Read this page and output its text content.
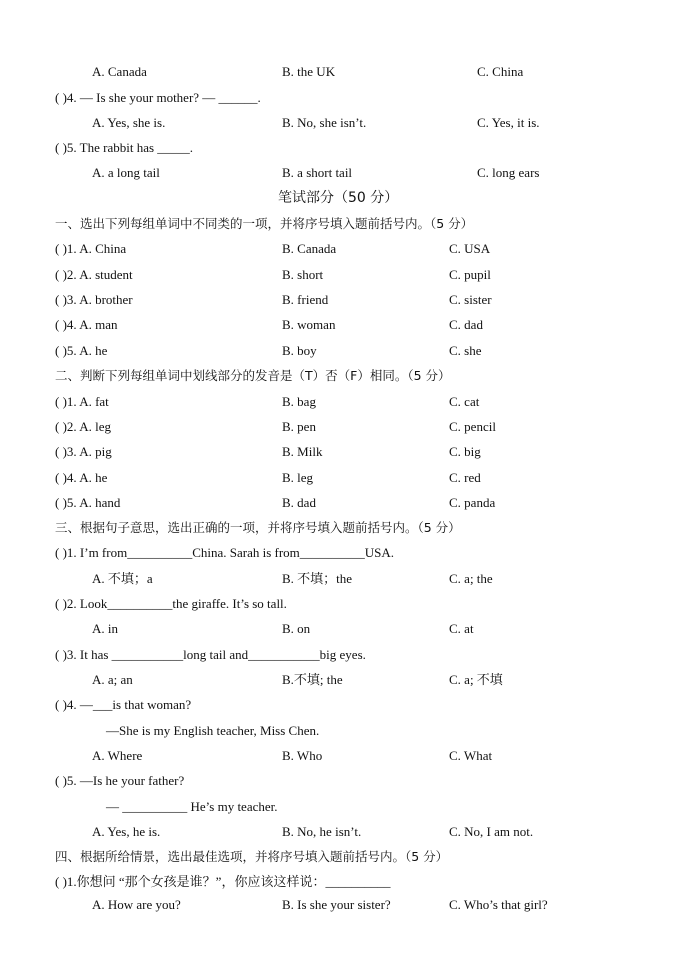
A. Canada	B. the UK	C. China
( )4. — Is she your mother? — ______.
A. Yes, she is.	B. No, she isn’t.	C. Yes, it is.
( )5. The rabbit has _____.
A. a long tail	B. a short tail	C. long ears
笔试部分（50 分）
一、选出下列每组单词中不同类的一项，并将序号填入题前括号内。（5 分）
( )1. A. China	B. Canada	C. USA
( )2. A. student	B. short	C. pupil
( )3. A. brother	B. friend	C. sister
( )4. A. man	B. woman	C. dad
( )5. A. he	B. boy	C. she
二、判断下列每组单词中划线部分的发音是（T）否（F）相同。（5 分）
( )1. A. fat	B. bag	C. cat
( )2. A. leg	B. pen	C. pencil
( )3. A. pig	B. Milk	C. big
( )4. A. he	B. leg	C. red
( )5. A. hand	B. dad	C. panda
三、根据句子意思，选出正确的一项，并将序号填入题前括号内。（5 分）
( )1. I’m from__________China. Sarah is from__________USA.
A. 不填；a	B. 不填；the	C. a; the
( )2. Look__________the giraffe. It’s so tall.
A. in	B. on	C. at
( )3. It has ___________long tail and___________big eyes.
A. a; an	B.不填; the	C. a; 不填
( )4. —___is that woman?
—She is my English teacher, Miss Chen.
A. Where	B. Who	C. What
( )5. —Is he your father?
— __________ He’s my teacher.
A. Yes, he is.	B. No, he isn’t.	C. No, I am not.
四、根据所给情景，选出最佳选项，并将序号填入题前括号内。（5 分）
( )1.你想问 “那个女孩是谁？”，你应该这样说：__________
A. How are you?	B. Is she your sister?	C. Who’s that girl?
